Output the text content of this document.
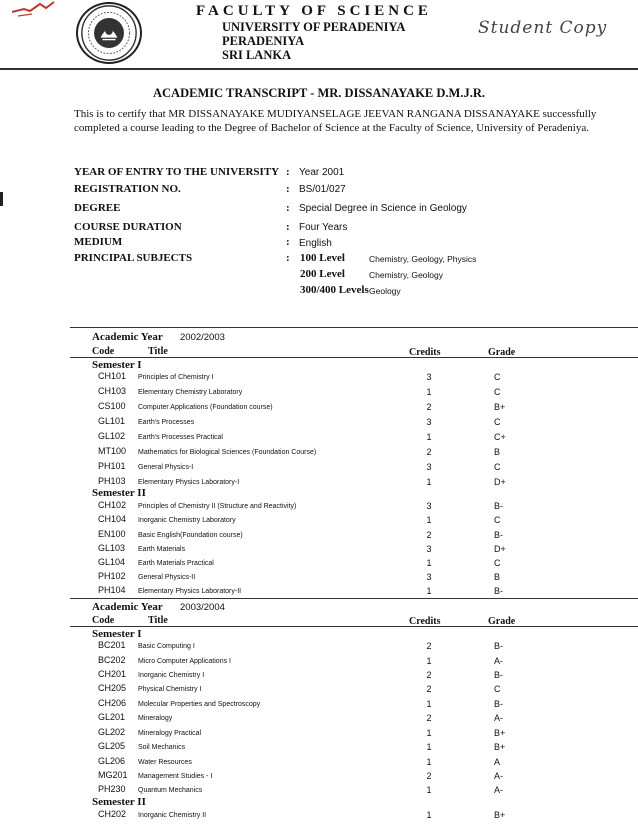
FACULTY OF SCIENCE
UNIVERSITY OF PERADENIYA
PERADENIYA
SRI LANKA
Student Copy
ACADEMIC TRANSCRIPT - MR. DISSANAYAKE D.M.J.R.
This is to certify that MR DISSANAYAKE MUDIYANSELAGE JEEVAN RANGANA DISSANAYAKE successfully
completed a course leading to the Degree of Bachelor of Science at the Faculty of Science, University of Peradeniya.
YEAR OF ENTRY TO THE UNIVERSITY : Year 2001
REGISTRATION NO.	: BS/01/027
DEGREE	: Special Degree in Science in Geology
COURSE DURATION	: Four Years
MEDIUM	: English
PRINCIPAL SUBJECTS	: 100 Level	Chemistry, Geology, Physics
200 Level	Chemistry, Geology
300/400 Levels Geology
Academic Year 2002/2003
Code	Title	Credits	Grade
Semester I
CH101 Principles of Chemistry I	3	C
CH103 Elementary Chemistry Laboratory	1	C
CS100 Computer Applications (Foundation course)	2	B+
GL101 Earth's Processes	3	C
GL102 Earth's Processes Practical	1	C+
MT100 Mathematics for Biological Sciences (Foundation Course)	2	B
PH101 General Physics-I	3	C
PH103 Elementary Physics Laboratory-I	1	D+
Semester II
CH102 Principles of Chemistry II (Structure and Reactivity)	3	B-
CH104 Inorganic Chemistry Laboratory	1	C
EN100 Basic English(Foundation course)	2	B-
GL103 Earth Materials	3	D+
GL104 Earth Materials Practical	1	C
PH102 General Physics-II	3	B
PH104 Elementary Physics Laboratory-II	1	B-
Academic Year 2003/2004
Code	Title	Credits	Grade
Semester I
BC201 Basic Computing I	2	B-
BC202 Micro Computer Applications I	1	A-
CH201 Inorganic Chemistry I	2	B-
CH205 Physical Chemistry I	2	C
CH206 Molecular Properties and Spectroscopy	1	B-
GL201 Mineralogy	2	A-
GL202 Mineralogy Practical	1	B+
GL205 Soil Mechanics	1	B+
GL206 Water Resources	1	A
MG201 Management Studies - I	2	A-
PH230 Quantum Mechanics	1	A-
Semester II
CH202 Inorganic Chemistry II	1	B+
